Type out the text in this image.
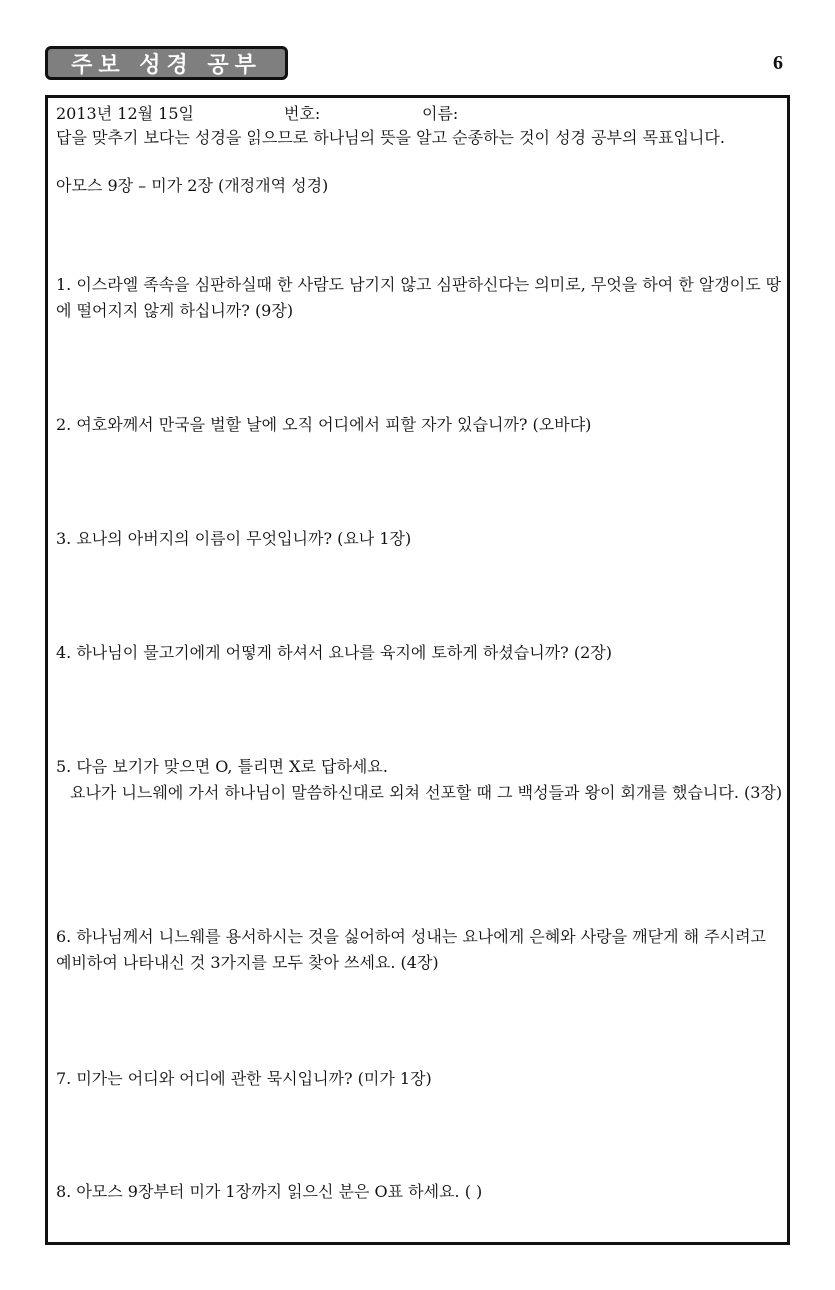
주보 성경 공부	6
2013년 12월 15일	번호:	이름:

답을 맞추기 보다는 성경을 읽으므로 하나님의 뜻을 알고 순종하는 것이 성경 공부의 목표입니다.

아모스 9장 – 미가 2장 (개정개역 성경)

1. 이스라엘 족속을 심판하실때 한 사람도 남기지 않고 심판하신다는 의미로, 무엇을 하여 한 알갱이도 땅에 떨어지지 않게 하십니까? (9장)
2. 여호와께서 만국을 벌할 날에 오직 어디에서 피할 자가 있습니까? (오바댜)
3. 요나의 아버지의 이름이 무엇입니까? (요나 1장)
4. 하나님이 물고기에게 어떻게 하셔서 요나를 육지에 토하게 하셨습니까? (2장)
5. 다음 보기가 맞으면 O, 틀리면 X로 답하세요.
요나가 니느웨에 가서 하나님이 말씀하신대로 외쳐 선포할 때 그 백성들과 왕이 회개를 했습니다. (3장)
6. 하나님께서 니느웨를 용서하시는 것을 싫어하여 성내는 요나에게 은혜와 사랑을 깨닫게 해 주시려고 예비하여 나타내신 것 3가지를 모두 찾아 쓰세요. (4장)
7. 미가는 어디와 어디에 관한 묵시입니까? (미가 1장)
8. 아모스 9장부터 미가 1장까지 읽으신 분은 O표 하세요. ( )
